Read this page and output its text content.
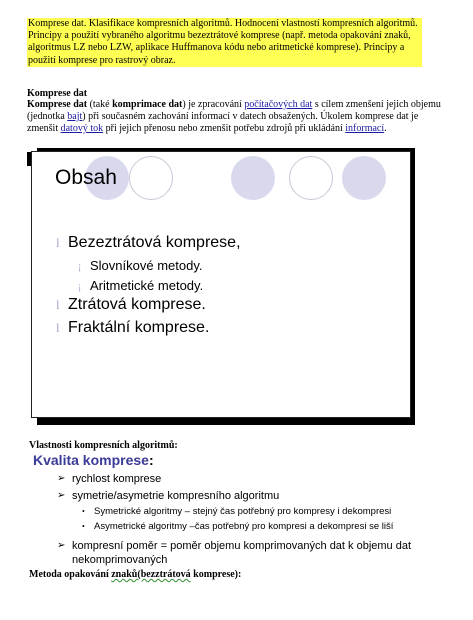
Komprese dat. Klasifikace kompresních algoritmů. Hodnocení vlastností kompresních algoritmů. Principy a použití vybraného algoritmu bezeztrátové komprese (např. metoda opakování znaků, algoritmus LZ nebo LZW, aplikace Huffmanova kódu nebo aritmetické komprese). Principy a použití komprese pro rastrový obraz.
Komprese dat
Komprese dat (také komprimace dat) je zpracování počítačových dat s cílem zmenšení jejich objemu (jednotka bajt) při současném zachování informací v datech obsažených. Úkolem komprese dat je zmenšit datový tok při jejich přenosu nebo zmenšit potřebu zdrojů při ukládání informací.
Obsah
l Bezeztrátová komprese,
¡ Slovníkové metody.
¡ Aritmetické metody.
l Ztrátová komprese.
l Fraktální komprese.
Vlastnosti kompresních algoritmů:
Kvalita komprese:
➢ rychlost komprese
➢ symetrie/asymetrie kompresního algoritmu
• Symetrické algoritmy – stejný čas potřebný pro kompresy i dekompresi
• Asymetrické algoritmy –čas potřebný pro kompresi a dekompresi se liší
➢ kompresní poměr = poměr objemu komprimovaných dat k objemu dat
nekomprimovaných
Metoda opakování znaků(bezztrátová komprese):
